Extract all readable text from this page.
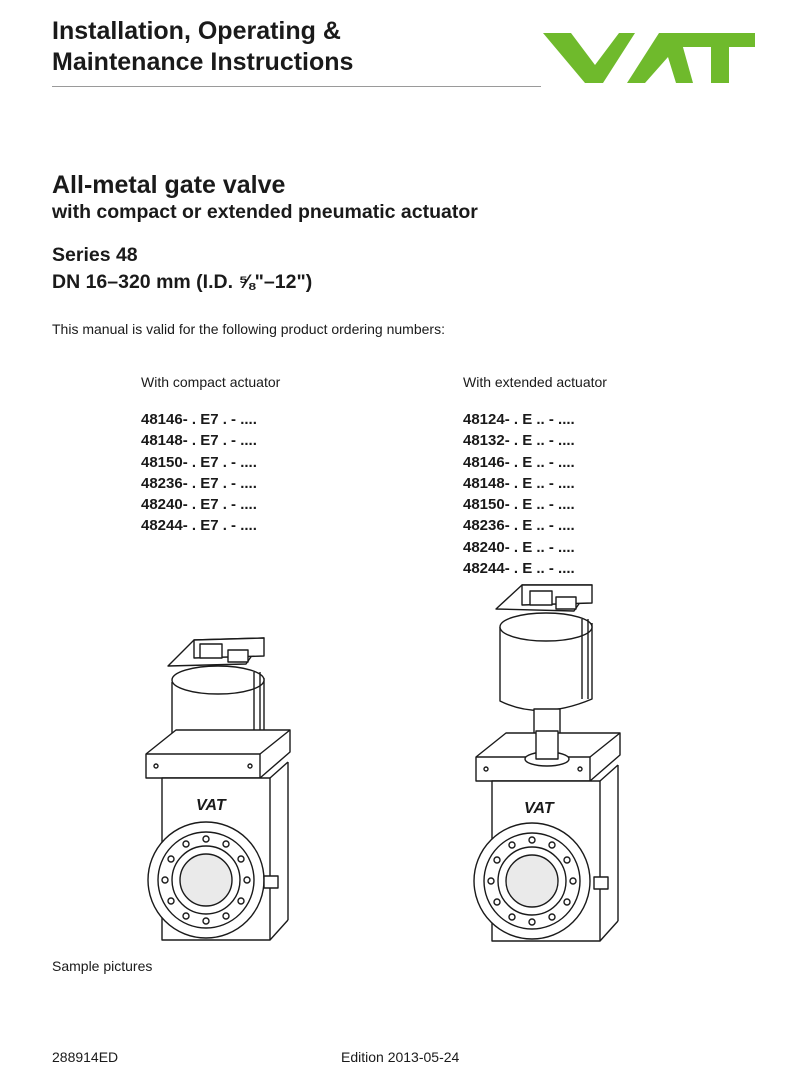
Installation, Operating &
Maintenance Instructions
All-metal gate valve
with compact or extended pneumatic actuator
Series 48
DN 16–320 mm (I.D. ⅝"–12")

This manual is valid for the following product ordering numbers:

With compact actuator

48146- . E7 . - ....
48148- . E7 . - ....
48150- . E7 . - ....
48236- . E7 . - ....
48240- . E7 . - ....
48244- . E7 . - ....

With extended actuator

48124- . E .. - ....
48132- . E .. - ....
48146- . E .. - ....
48148- . E .. - ....
48150- . E .. - ....
48236- . E .. - ....
48240- . E .. - ....
48244- . E .. - ....
VAT	VAT

Sample pictures

288914ED	Edition 2013-05-24
